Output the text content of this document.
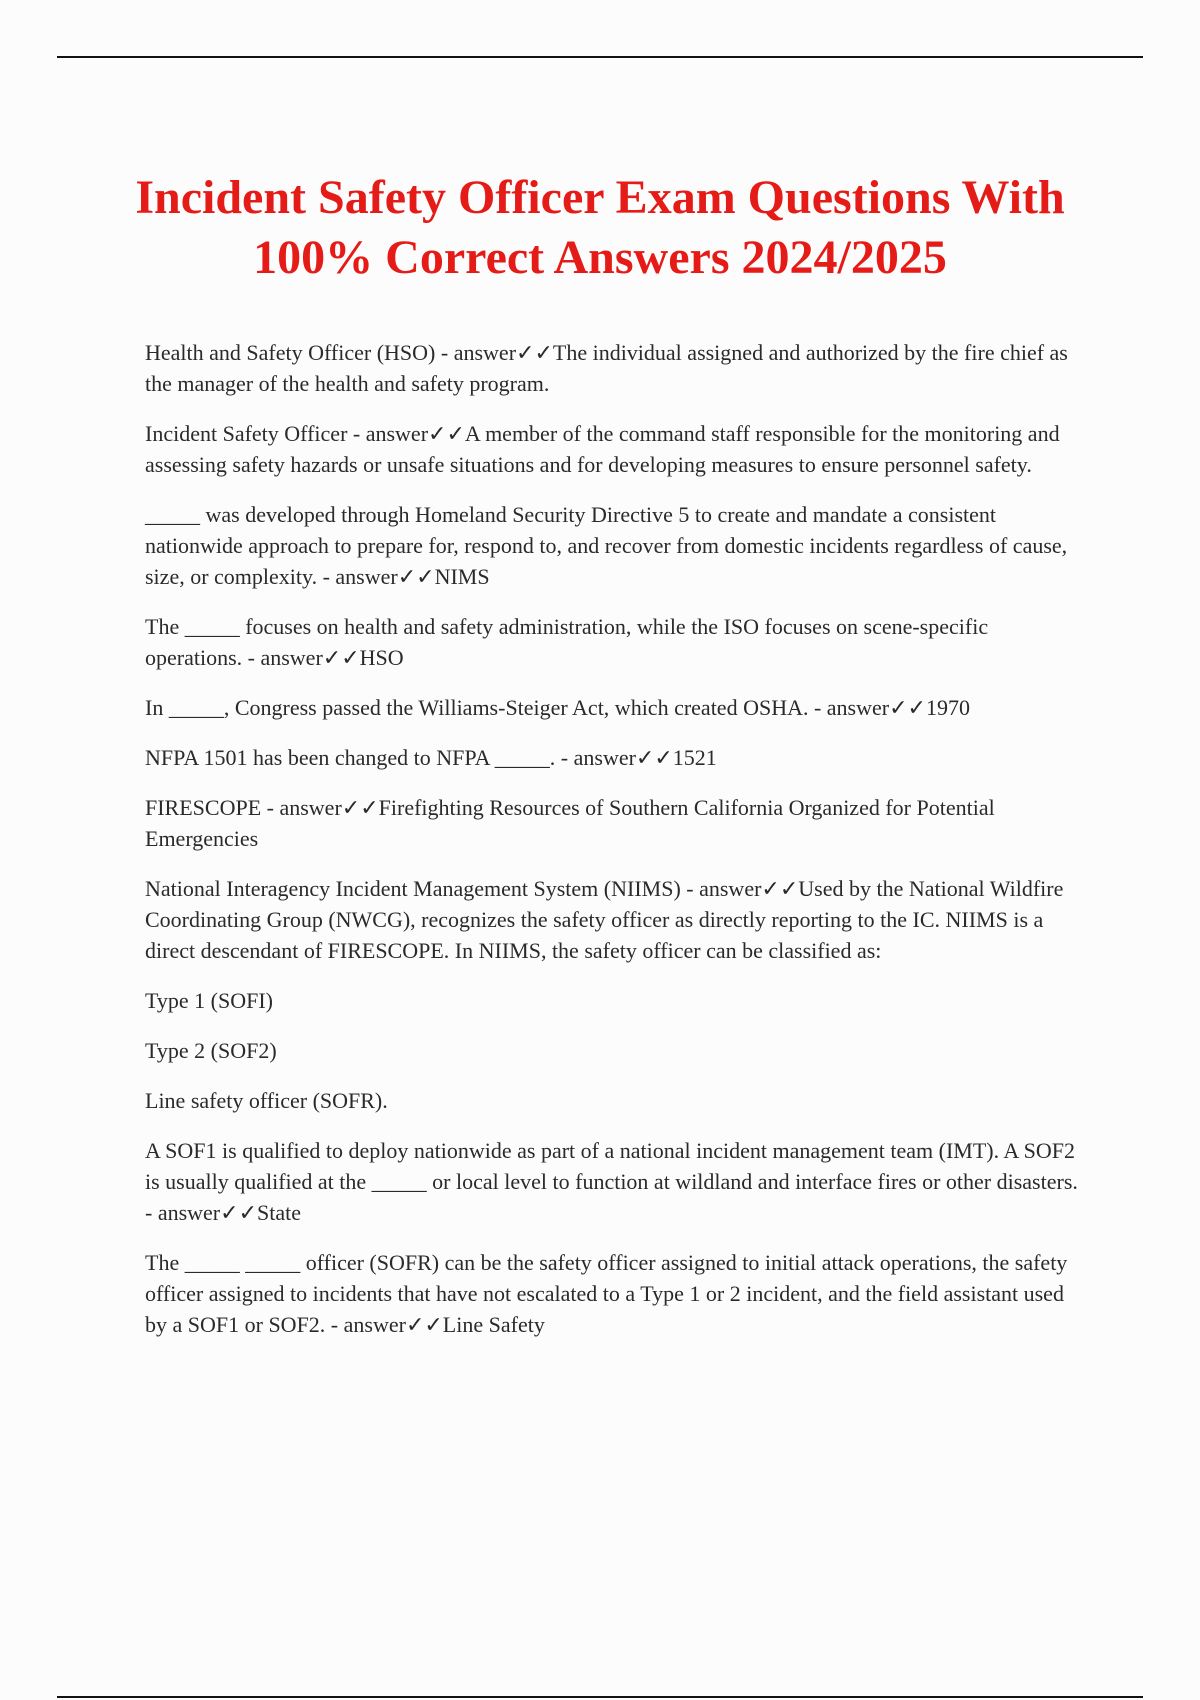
Incident Safety Officer Exam Questions With
100% Correct Answers 2024/2025

Health and Safety Officer (HSO) - answer✓✓The individual assigned and authorized by the fire chief as the manager of the health and safety program.

Incident Safety Officer - answer✓✓A member of the command staff responsible for the monitoring and assessing safety hazards or unsafe situations and for developing measures to ensure personnel safety.

_____ was developed through Homeland Security Directive 5 to create and mandate a consistent nationwide approach to prepare for, respond to, and recover from domestic incidents regardless of cause, size, or complexity. - answer✓✓NIMS

The _____ focuses on health and safety administration, while the ISO focuses on scene-specific operations. - answer✓✓HSO

In _____, Congress passed the Williams-Steiger Act, which created OSHA. - answer✓✓1970

NFPA 1501 has been changed to NFPA _____. - answer✓✓1521

FIRESCOPE - answer✓✓Firefighting Resources of Southern California Organized for Potential Emergencies

National Interagency Incident Management System (NIIMS) - answer✓✓Used by the National Wildfire Coordinating Group (NWCG), recognizes the safety officer as directly reporting to the IC. NIIMS is a direct descendant of FIRESCOPE. In NIIMS, the safety officer can be classified as:

Type 1 (SOFI)

Type 2 (SOF2)

Line safety officer (SOFR).

A SOF1 is qualified to deploy nationwide as part of a national incident management team (IMT). A SOF2 is usually qualified at the _____ or local level to function at wildland and interface fires or other disasters. - answer✓✓State

The _____ _____ officer (SOFR) can be the safety officer assigned to initial attack operations, the safety officer assigned to incidents that have not escalated to a Type 1 or 2 incident, and the field assistant used by a SOF1 or SOF2. - answer✓✓Line Safety
